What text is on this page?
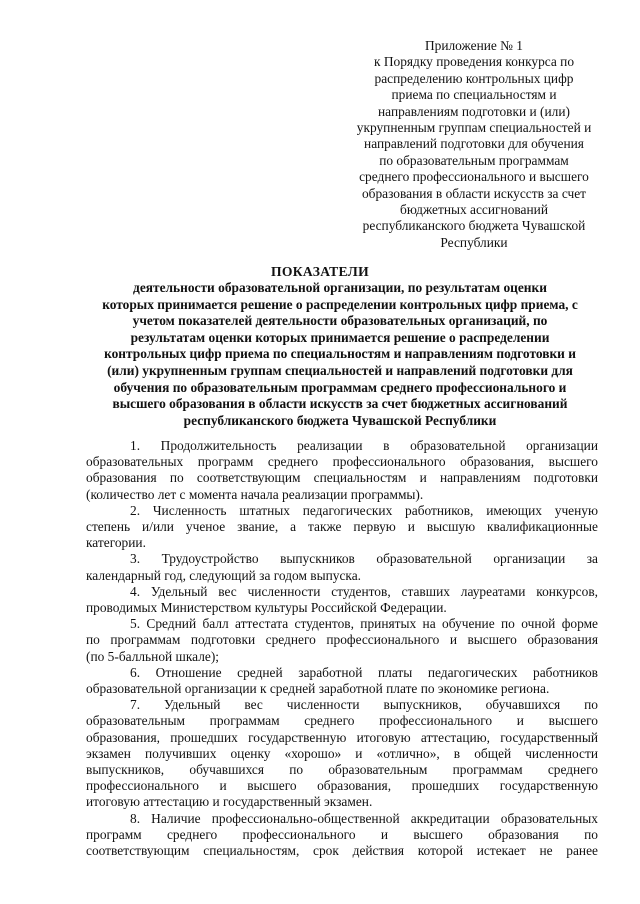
Приложение № 1
к Порядку проведения конкурса по
распределению контрольных цифр
приема по специальностям и
направлениям подготовки и (или)
укрупненным группам специальностей и
направлений подготовки для обучения
по образовательным программам
среднего профессионального и высшего
образования в области искусств за счет
бюджетных ассигнований
республиканского бюджета Чувашской
Республики
ПОКАЗАТЕЛИ
деятельности образовательной организации, по результатам оценки
которых принимается решение о распределении контрольных цифр приема, с
учетом показателей деятельности образовательных организаций, по
результатам оценки которых принимается решение о распределении
контрольных цифр приема по специальностям и направлениям подготовки и
(или) укрупненным группам специальностей и направлений подготовки для
обучения по образовательным программам среднего профессионального и
высшего образования в области искусств за счет бюджетных ассигнований
республиканского бюджета Чувашской Республики
1. Продолжительность реализации в образовательной организации
образовательных программ среднего профессионального образования, высшего
образования по соответствующим специальностям и направлениям подготовки
(количество лет с момента начала реализации программы).
2. Численность штатных педагогических работников, имеющих ученую
степень и/или ученое звание, а также первую и высшую квалификационные
категории.
3. Трудоустройство выпускников образовательной организации за
календарный год, следующий за годом выпуска.
4. Удельный вес численности студентов, ставших лауреатами конкурсов,
проводимых Министерством культуры Российской Федерации.
5. Средний балл аттестата студентов, принятых на обучение по очной форме
по программам подготовки среднего профессионального и высшего образования
(по 5-балльной шкале);
6. Отношение средней заработной платы педагогических работников
образовательной организации к средней заработной плате по экономике региона.
7. Удельный вес численности выпускников, обучавшихся по
образовательным программам среднего профессионального и высшего
образования, прошедших государственную итоговую аттестацию, государственный
экзамен получивших оценку «хорошо» и «отлично», в общей численности
выпускников, обучавшихся по образовательным программам среднего
профессионального и высшего образования, прошедших государственную
итоговую аттестацию и государственный экзамен.
8. Наличие профессионально-общественной аккредитации образовательных
программ среднего профессионального и высшего образования по
соответствующим специальностям, срок действия которой истекает не ранее
